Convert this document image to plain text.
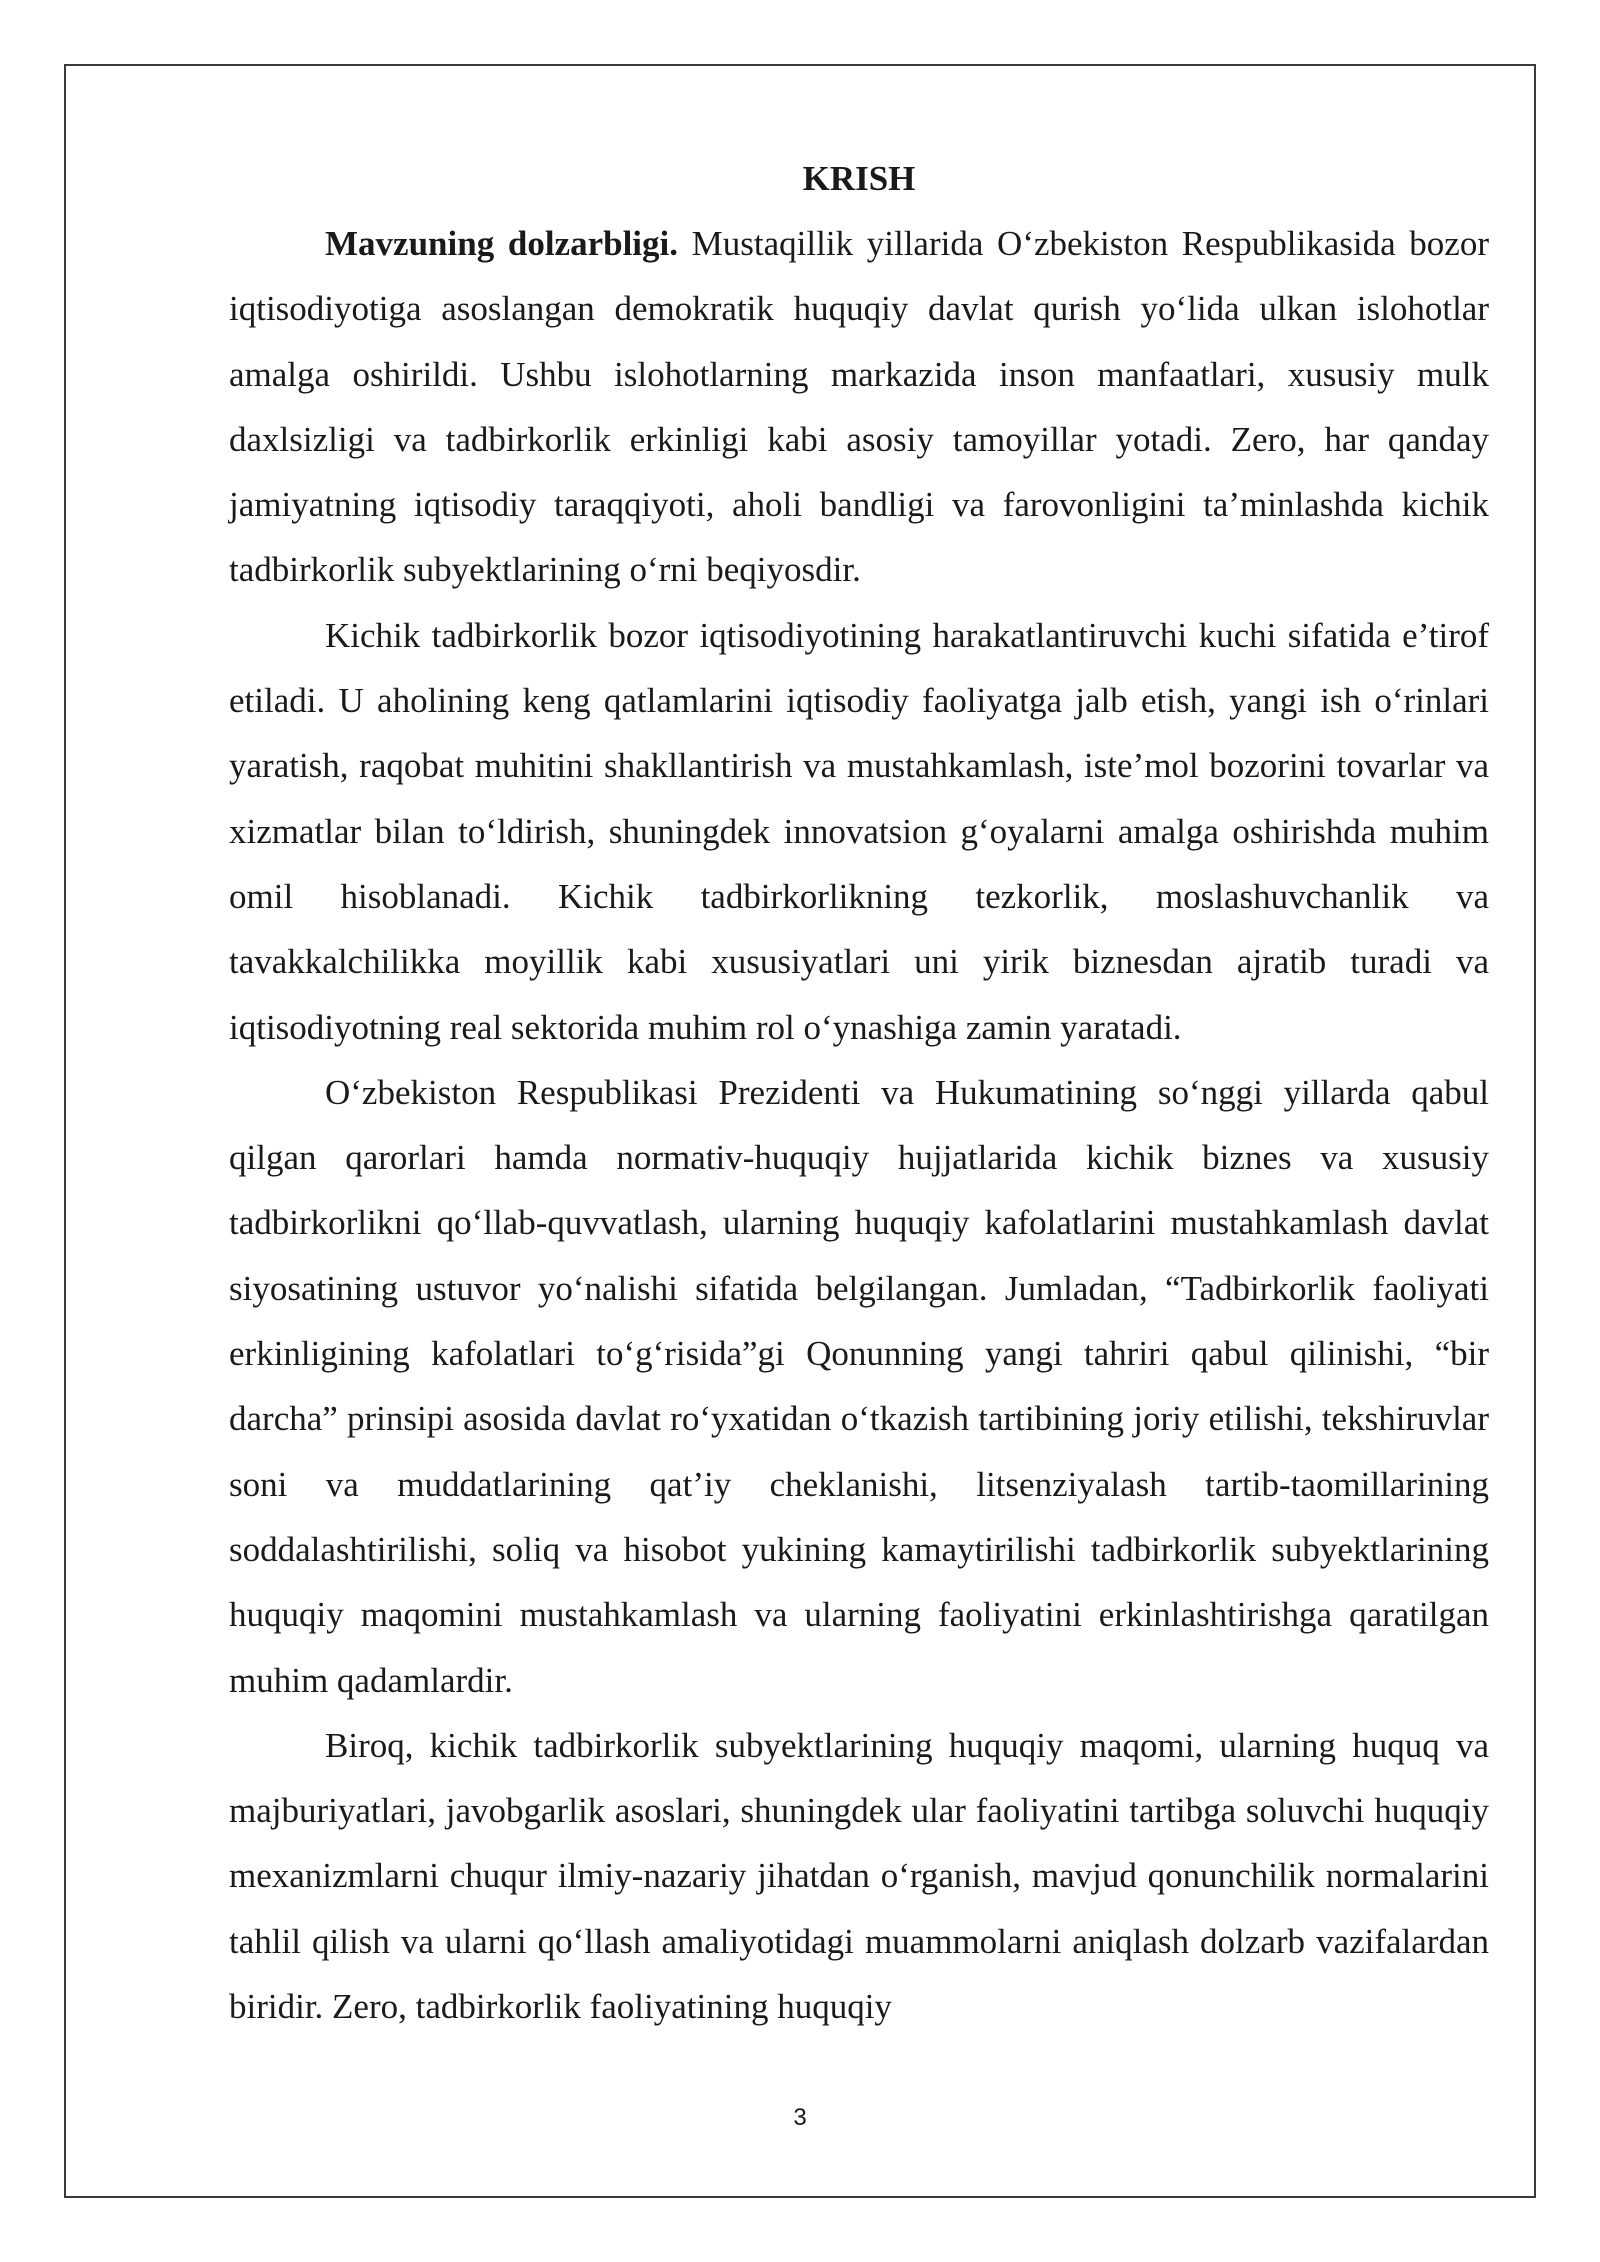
KRISH

Mavzuning dolzarbligi. Mustaqillik yillarida O‘zbekiston Respublikasida bozor iqtisodiyotiga asoslangan demokratik huquqiy davlat qurish yo‘lida ulkan islohotlar amalga oshirildi. Ushbu islohotlarning markazida inson manfaatlari, xususiy mulk daxlsizligi va tadbirkorlik erkinligi kabi asosiy tamoyillar yotadi. Zero, har qanday jamiyatning iqtisodiy taraqqiyoti, aholi bandligi va farovonligini ta’minlashda kichik tadbirkorlik subyektlarining o‘rni beqiyosdir.

Kichik tadbirkorlik bozor iqtisodiyotining harakatlantiruvchi kuchi sifatida e’tirof etiladi. U aholining keng qatlamlarini iqtisodiy faoliyatga jalb etish, yangi ish o‘rinlari yaratish, raqobat muhitini shakllantirish va mustahkamlash, iste’mol bozorini tovarlar va xizmatlar bilan to‘ldirish, shuningdek innovatsion g‘oyalarni amalga oshirishda muhim omil hisoblanadi. Kichik tadbirkorlikning tezkorlik, moslashuvchanlik va tavakkalchilikka moyillik kabi xususiyatlari uni yirik biznesdan ajratib turadi va iqtisodiyotning real sektorida muhim rol o‘ynashiga zamin yaratadi.

O‘zbekiston Respublikasi Prezidenti va Hukumatining so‘nggi yillarda qabul qilgan qarorlari hamda normativ-huquqiy hujjatlarida kichik biznes va xususiy tadbirkorlikni qo‘llab-quvvatlash, ularning huquqiy kafolatlarini mustahkamlash davlat siyosatining ustuvor yo‘nalishi sifatida belgilangan. Jumladan, “Tadbirkorlik faoliyati erkinligining kafolatlari to‘g‘risida”gi Qonunning yangi tahriri qabul qilinishi, “bir darcha” prinsipi asosida davlat ro‘yxatidan o‘tkazish tartibining joriy etilishi, tekshiruvlar soni va muddatlarining qat’iy cheklanishi, litsenziyalash tartib-taomillarining soddalashtirilishi, soliq va hisobot yukining kamaytirilishi tadbirkorlik subyektlarining huquqiy maqomini mustahkamlash va ularning faoliyatini erkinlashtirishga qaratilgan muhim qadamlardir.

Biroq, kichik tadbirkorlik subyektlarining huquqiy maqomi, ularning huquq va majburiyatlari, javobgarlik asoslari, shuningdek ular faoliyatini tartibga soluvchi huquqiy mexanizmlarni chuqur ilmiy-nazariy jihatdan o‘rganish, mavjud qonunchilik normalarini tahlil qilish va ularni qo‘llash amaliyotidagi muammolarni aniqlash dolzarb vazifalardan biridir. Zero, tadbirkorlik faoliyatining huquqiy

3
